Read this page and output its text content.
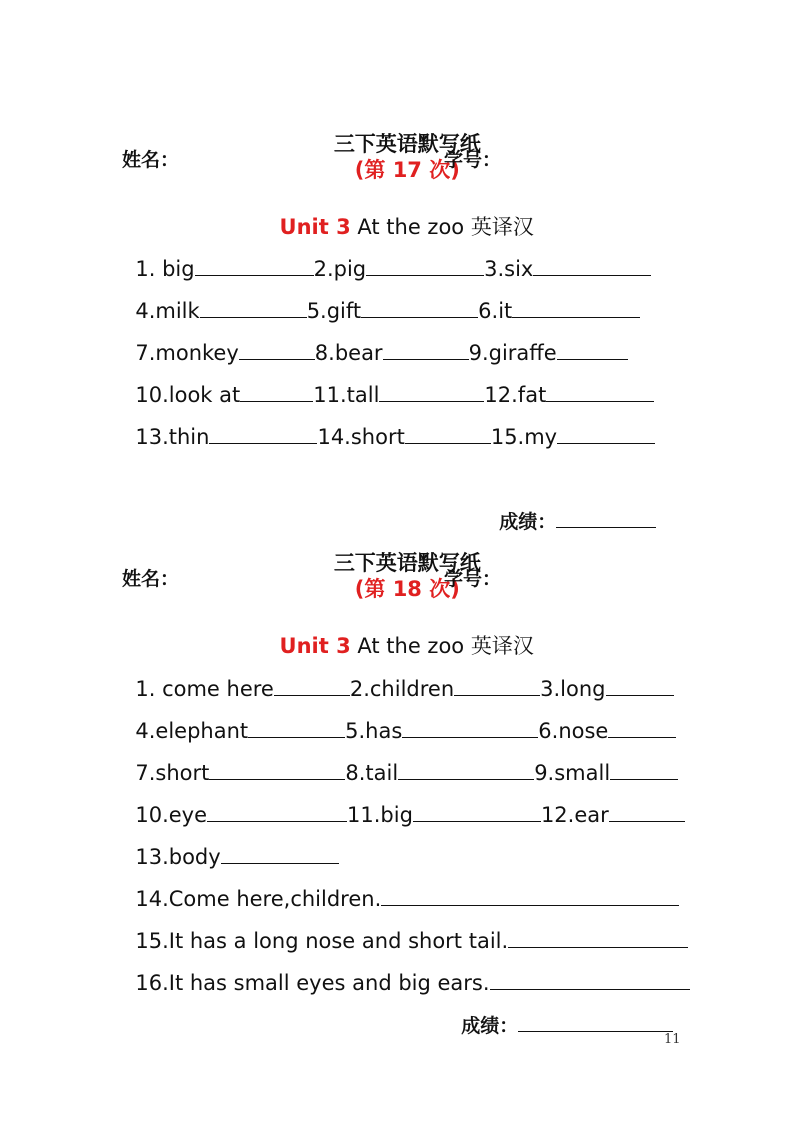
三下英语默写纸
(第 17 次)

姓名：	学号：

Unit 3 At the zoo 英译汉

1. big	2.pig	3.six

4.milk	5.gift	6.it

7.monkey	8.bear	9.giraffe

10.look at	11.tall	12.fat

13.thin	14.short	15.my

成绩：

三下英语默写纸
(第 18 次)

姓名：	学号：

Unit 3 At the zoo 英译汉

1. come here	2.children	3.long

4.elephant	5.has	6.nose

7.short	8.tail	9.small

10.eye	11.big	12.ear

13.body

14.Come here,children.

15.It has a long nose and short tail.

16.It has small eyes and big ears.

成绩：

11
